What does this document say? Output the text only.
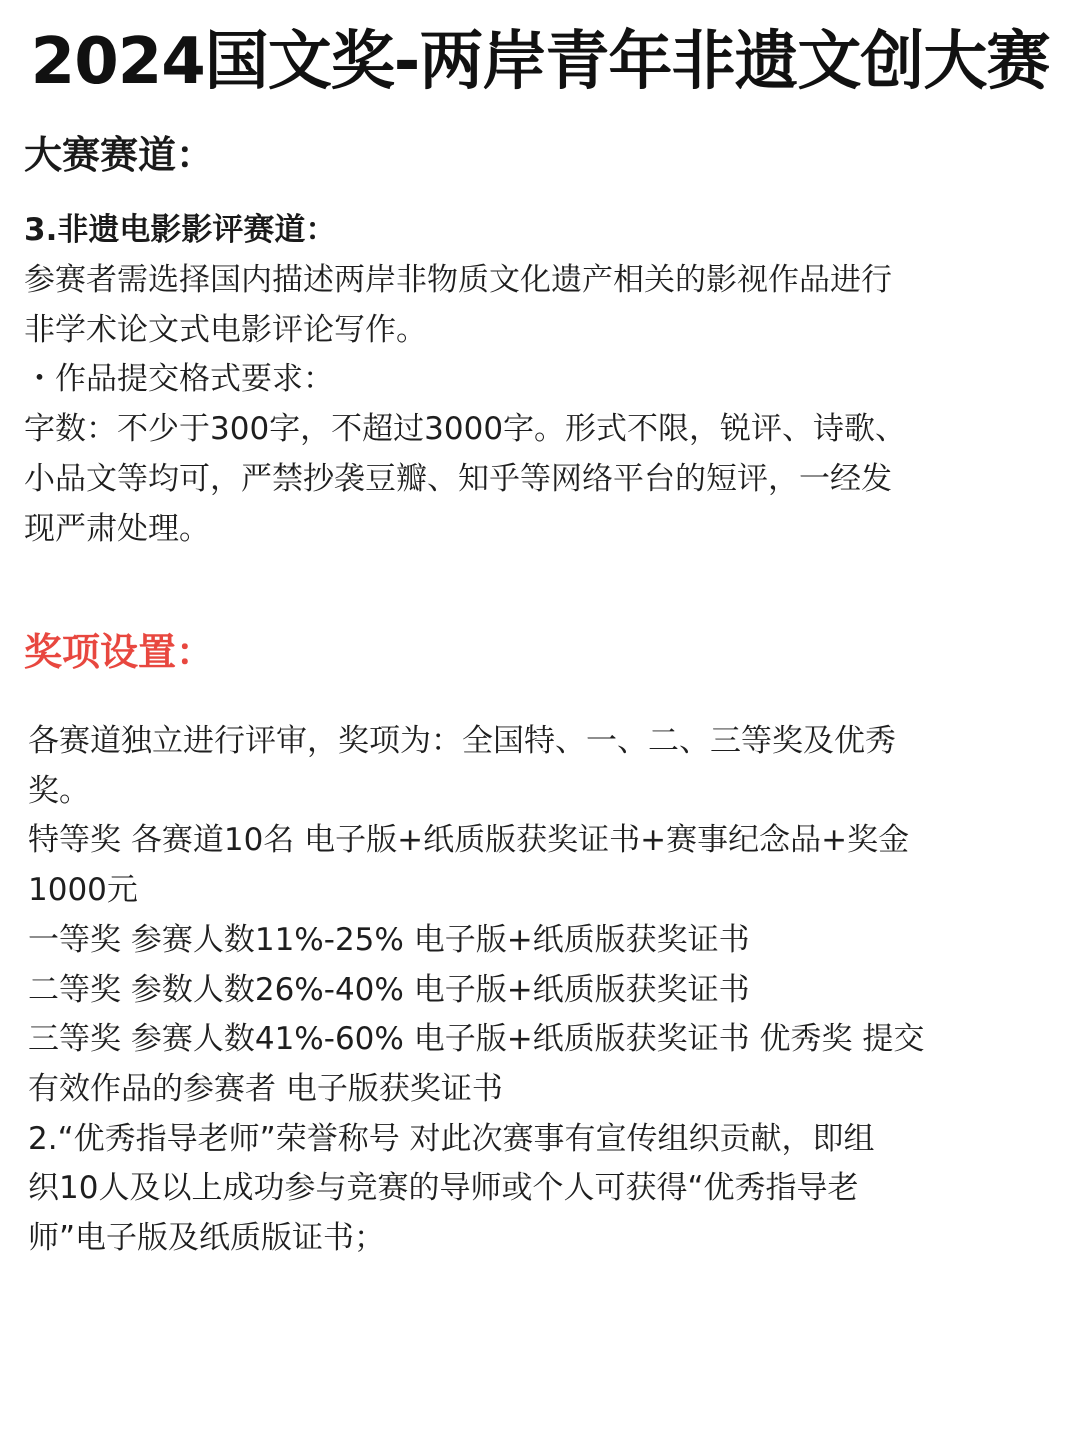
2024国文奖-两岸青年非遗文创大赛
大赛赛道：
3.非遗电影影评赛道：
参赛者需选择国内描述两岸非物质文化遗产相关的影视作品进行
非学术论文式电影评论写作。
・作品提交格式要求：
字数：不少于300字，不超过3000字。形式不限，锐评、诗歌、
小品文等均可，严禁抄袭豆瓣、知乎等网络平台的短评，一经发
现严肃处理。
奖项设置：
各赛道独立进行评审，奖项为：全国特、一、二、三等奖及优秀
奖。
特等奖 各赛道10名 电子版+纸质版获奖证书+赛事纪念品+奖金
1000元
一等奖 参赛人数11%-25% 电子版+纸质版获奖证书
二等奖 参数人数26%-40% 电子版+纸质版获奖证书
三等奖 参赛人数41%-60% 电子版+纸质版获奖证书 优秀奖 提交
有效作品的参赛者 电子版获奖证书
2.“优秀指导老师”荣誉称号 对此次赛事有宣传组织贡献，即组
织10人及以上成功参与竞赛的导师或个人可获得“优秀指导老
师”电子版及纸质版证书；
